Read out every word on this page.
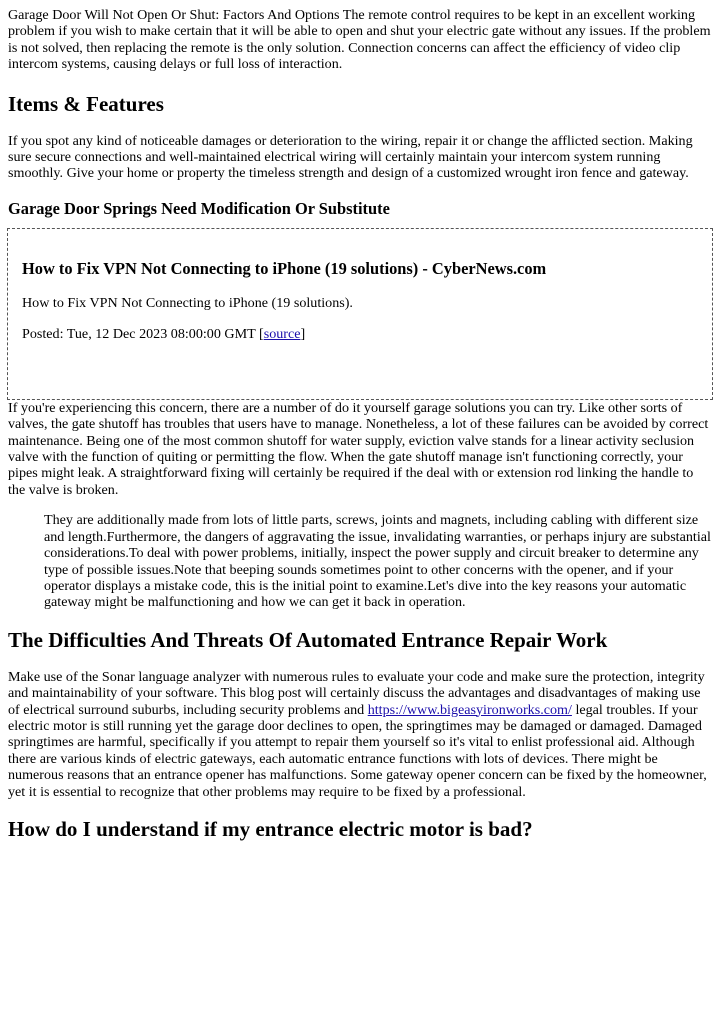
Garage Door Will Not Open Or Shut: Factors And Options The remote control requires to be kept in an excellent working problem if you wish to make certain that it will be able to open and shut your electric gate without any issues. If the problem is not solved, then replacing the remote is the only solution. Connection concerns can affect the efficiency of video clip intercom systems, causing delays or full loss of interaction.

Items & Features

If you spot any kind of noticeable damages or deterioration to the wiring, repair it or change the afflicted section. Making sure secure connections and well-maintained electrical wiring will certainly maintain your intercom system running smoothly. Give your home or property the timeless strength and design of a customized wrought iron fence and gateway.

Garage Door Springs Need Modification Or Substitute
How to Fix VPN Not Connecting to iPhone (19 solutions) - CyberNews.com

How to Fix VPN Not Connecting to iPhone (19 solutions).

Posted: Tue, 12 Dec 2023 08:00:00 GMT [source]

If you're experiencing this concern, there are a number of do it yourself garage solutions you can try. Like other sorts of valves, the gate shutoff has troubles that users have to manage. Nonetheless, a lot of these failures can be avoided by correct maintenance. Being one of the most common shutoff for water supply, eviction valve stands for a linear activity seclusion valve with the function of quiting or permitting the flow. When the gate shutoff manage isn't functioning correctly, your pipes might leak. A straightforward fixing will certainly be required if the deal with or extension rod linking the handle to the valve is broken.

They are additionally made from lots of little parts, screws, joints and magnets, including cabling with different size and length.Furthermore, the dangers of aggravating the issue, invalidating warranties, or perhaps injury are substantial considerations.To deal with power problems, initially, inspect the power supply and circuit breaker to determine any type of possible issues.Note that beeping sounds sometimes point to other concerns with the opener, and if your operator displays a mistake code, this is the initial point to examine.Let's dive into the key reasons your automatic gateway might be malfunctioning and how we can get it back in operation.
The Difficulties And Threats Of Automated Entrance Repair Work

Make use of the Sonar language analyzer with numerous rules to evaluate your code and make sure the protection, integrity and maintainability of your software. This blog post will certainly discuss the advantages and disadvantages of making use of electrical surround suburbs, including security problems and https://www.bigeasyironworks.com/ legal troubles. If your electric motor is still running yet the garage door declines to open, the springtimes may be damaged or damaged. Damaged springtimes are harmful, specifically if you attempt to repair them yourself so it's vital to enlist professional aid. Although there are various kinds of electric gateways, each automatic entrance functions with lots of devices. There might be numerous reasons that an entrance opener has malfunctions. Some gateway opener concern can be fixed by the homeowner, yet it is essential to recognize that other problems may require to be fixed by a professional.

How do I understand if my entrance electric motor is bad?
